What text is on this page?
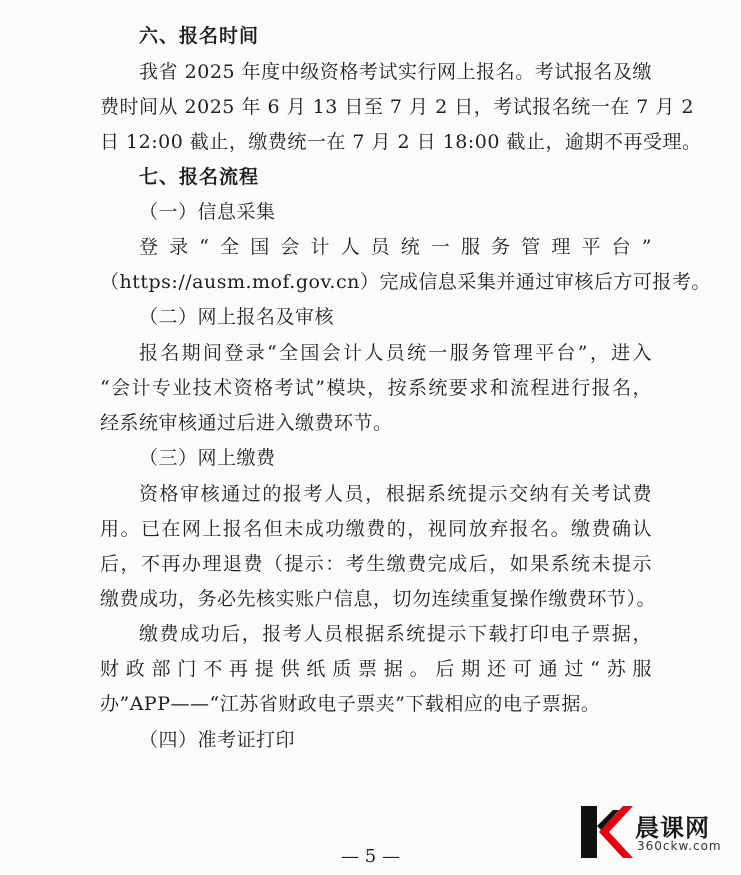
六、报名时间
我省 2025 年度中级资格考试实行网上报名。考试报名及缴
费时间从 2025 年 6 月 13 日至 7 月 2 日，考试报名统一在 7 月 2
日 12:00 截止，缴费统一在 7 月 2 日 18:00 截止，逾期不再受理。
七、报名流程
（一）信息采集
登录“全国会计人员统一服务管理平台”
（https://ausm.mof.gov.cn）完成信息采集并通过审核后方可报考。
（二）网上报名及审核
报名期间登录“全国会计人员统一服务管理平台”，进入
“会计专业技术资格考试”模块，按系统要求和流程进行报名，
经系统审核通过后进入缴费环节。
（三）网上缴费
资格审核通过的报考人员，根据系统提示交纳有关考试费
用。已在网上报名但未成功缴费的，视同放弃报名。缴费确认
后，不再办理退费（提示：考生缴费完成后，如果系统未提示
缴费成功，务必先核实账户信息，切勿连续重复操作缴费环节）。
缴费成功后，报考人员根据系统提示下载打印电子票据，
财政部门不再提供纸质票据。后期还可通过“苏服
办”APP——“江苏省财政电子票夹”下载相应的电子票据。
（四）准考证打印
— 5 —
晨课网
360ckw.com
